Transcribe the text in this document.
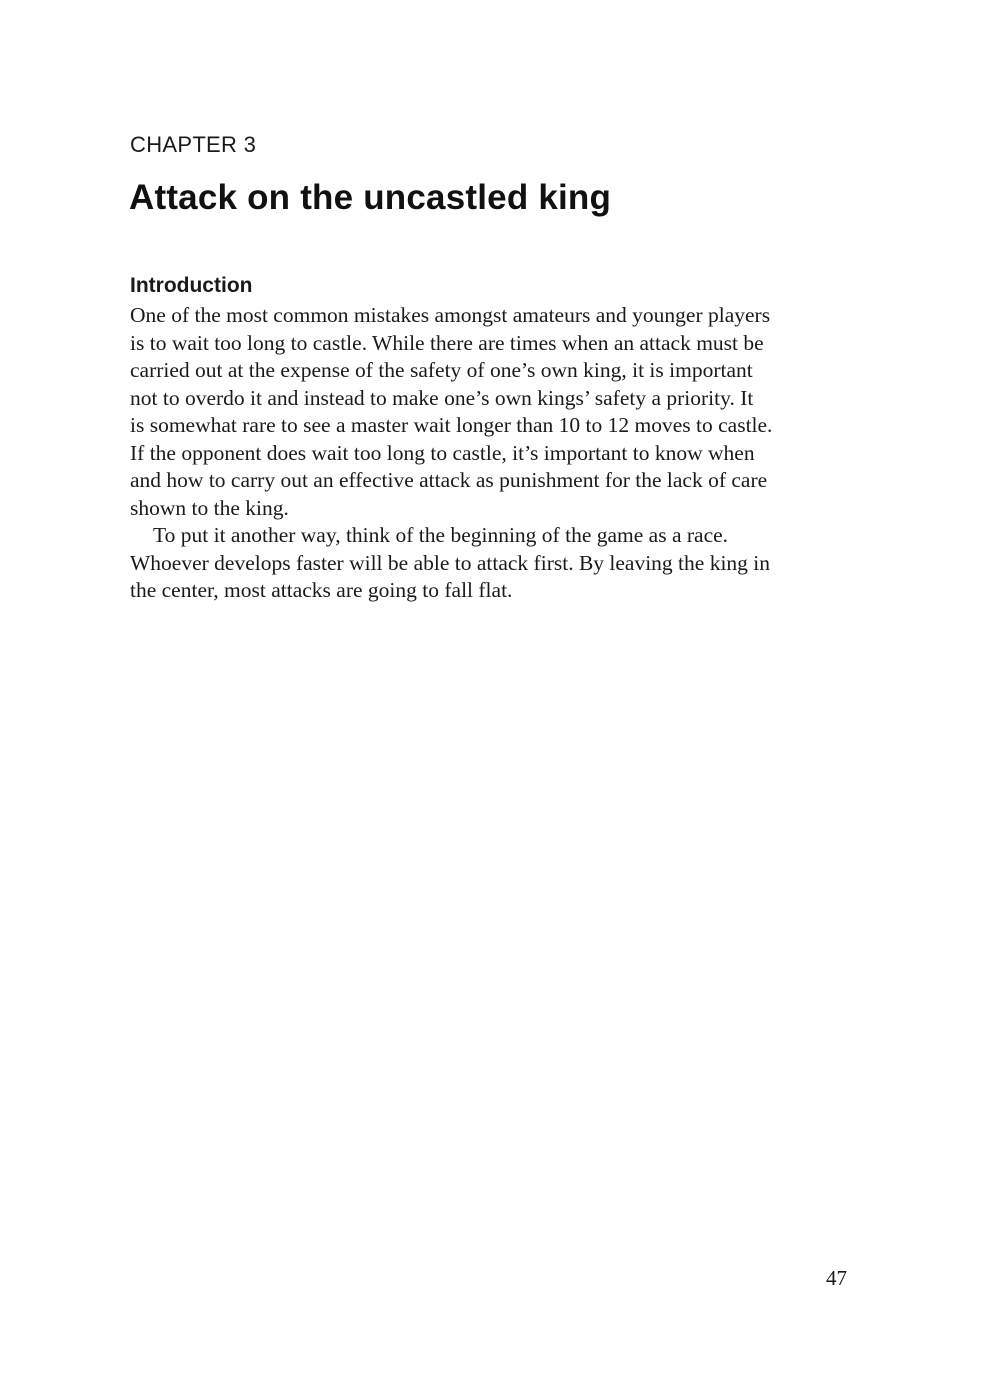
CHAPTER 3
Attack on the uncastled king
Introduction
One of the most common mistakes amongst amateurs and younger players
is to wait too long to castle. While there are times when an attack must be
carried out at the expense of the safety of one’s own king, it is important
not to overdo it and instead to make one’s own kings’ safety a priority. It
is somewhat rare to see a master wait longer than 10 to 12 moves to castle.
If the opponent does wait too long to castle, it’s important to know when
and how to carry out an effective attack as punishment for the lack of care
shown to the king.
To put it another way, think of the beginning of the game as a race.
Whoever develops faster will be able to attack first. By leaving the king in
the center, most attacks are going to fall flat.
47
